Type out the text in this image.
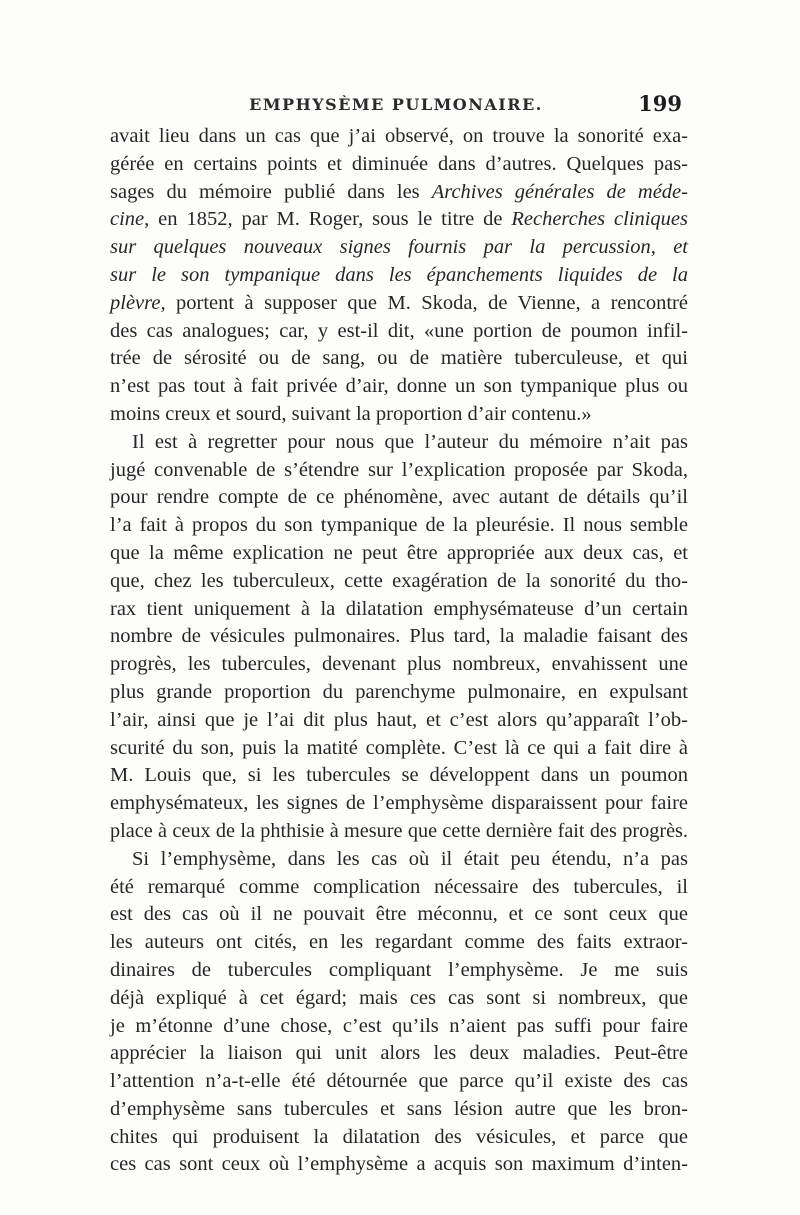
EMPHYSÈME PULMONAIRE.	199
avait lieu dans un cas que j’ai observé, on trouve la sonorité exa-
gérée en certains points et diminuée dans d’autres. Quelques pas-
sages du mémoire publié dans les Archives générales de méde-
cine, en 1852, par M. Roger, sous le titre de Recherches cliniques
sur quelques nouveaux signes fournis par la percussion, et
sur le son tympanique dans les épanchements liquides de la
plèvre, portent à supposer que M. Skoda, de Vienne, a rencontré
des cas analogues; car, y est-il dit, «une portion de poumon infil-
trée de sérosité ou de sang, ou de matière tuberculeuse, et qui
n’est pas tout à fait privée d’air, donne un son tympanique plus ou
moins creux et sourd, suivant la proportion d’air contenu.»
Il est à regretter pour nous que l’auteur du mémoire n’ait pas
jugé convenable de s’étendre sur l’explication proposée par Skoda,
pour rendre compte de ce phénomène, avec autant de détails qu’il
l’a fait à propos du son tympanique de la pleurésie. Il nous semble
que la même explication ne peut être appropriée aux deux cas, et
que, chez les tuberculeux, cette exagération de la sonorité du tho-
rax tient uniquement à la dilatation emphysémateuse d’un certain
nombre de vésicules pulmonaires. Plus tard, la maladie faisant des
progrès, les tubercules, devenant plus nombreux, envahissent une
plus grande proportion du parenchyme pulmonaire, en expulsant
l’air, ainsi que je l’ai dit plus haut, et c’est alors qu’apparaît l’ob-
scurité du son, puis la matité complète. C’est là ce qui a fait dire à
M. Louis que, si les tubercules se développent dans un poumon
emphysémateux, les signes de l’emphysème disparaissent pour faire
place à ceux de la phthisie à mesure que cette dernière fait des progrès.
Si l’emphysème, dans les cas où il était peu étendu, n’a pas
été remarqué comme complication nécessaire des tubercules, il
est des cas où il ne pouvait être méconnu, et ce sont ceux que
les auteurs ont cités, en les regardant comme des faits extraor-
dinaires de tubercules compliquant l’emphysème. Je me suis
déjà expliqué à cet égard; mais ces cas sont si nombreux, que
je m’étonne d’une chose, c’est qu’ils n’aient pas suffi pour faire
apprécier la liaison qui unit alors les deux maladies. Peut-être
l’attention n’a-t-elle été détournée que parce qu’il existe des cas
d’emphysème sans tubercules et sans lésion autre que les bron-
chites qui produisent la dilatation des vésicules, et parce que
ces cas sont ceux où l’emphysème a acquis son maximum d’inten-
